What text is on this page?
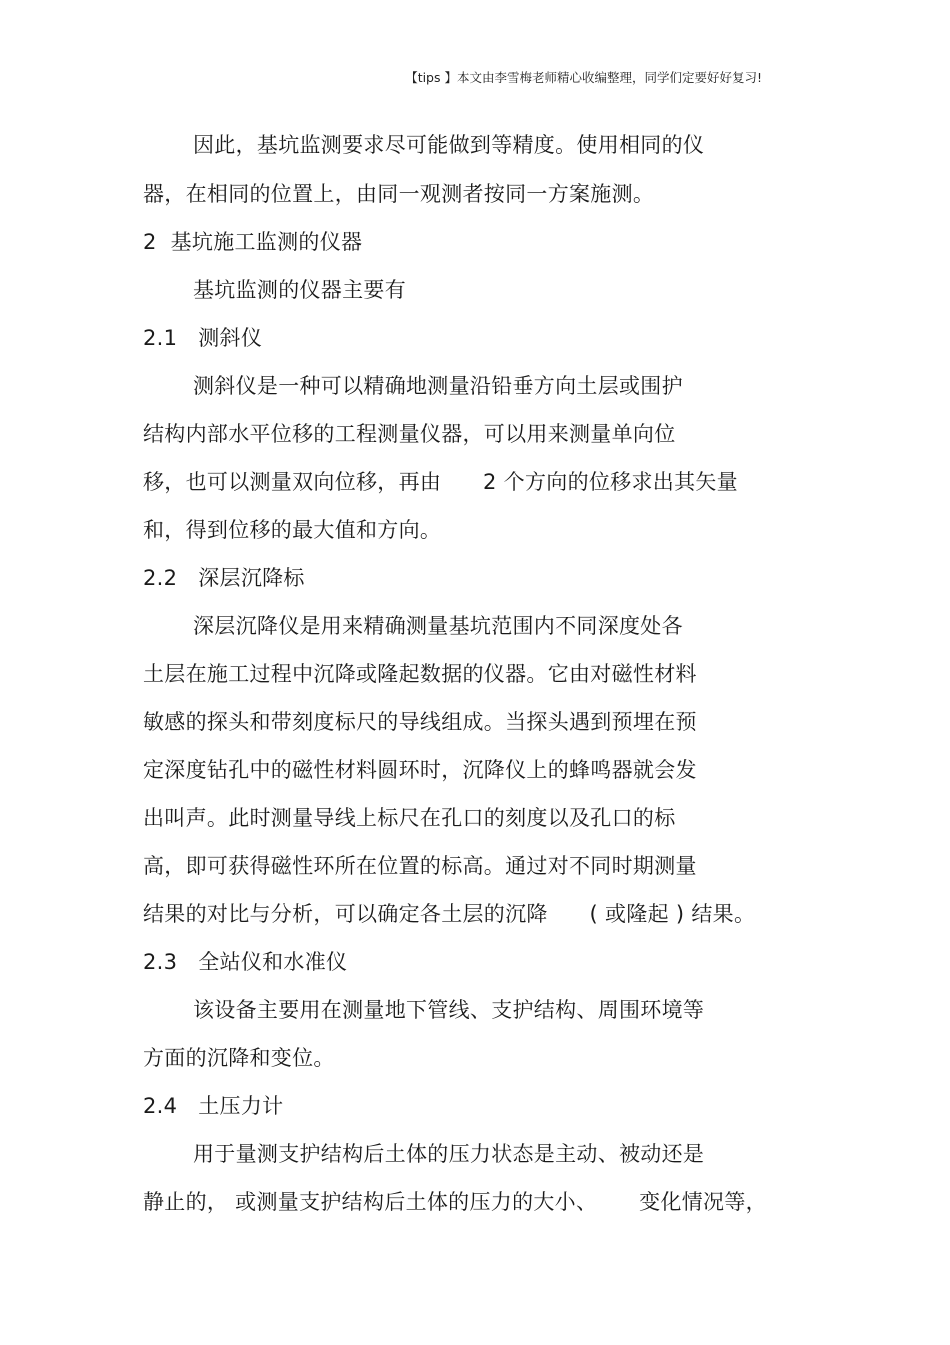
【tips 】本文由李雪梅老师精心收编整理，同学们定要好好复习!
因此，基坑监测要求尽可能做到等精度。使用相同的仪
器，在相同的位置上，由同一观测者按同一方案施测。
2  基坑施工监测的仪器
基坑监测的仪器主要有
2.1   测斜仪
测斜仪是一种可以精确地测量沿铅垂方向土层或围护
结构内部水平位移的工程测量仪器，可以用来测量单向位
移，也可以测量双向位移，再由      2 个方向的位移求出其矢量
和，得到位移的最大值和方向。
2.2   深层沉降标
深层沉降仪是用来精确测量基坑范围内不同深度处各
土层在施工过程中沉降或隆起数据的仪器。它由对磁性材料
敏感的探头和带刻度标尺的导线组成。当探头遇到预埋在预
定深度钻孔中的磁性材料圆环时，沉降仪上的蜂鸣器就会发
出叫声。此时测量导线上标尺在孔口的刻度以及孔口的标
高，即可获得磁性环所在位置的标高。通过对不同时期测量
结果的对比与分析，可以确定各土层的沉降      ( 或隆起 ) 结果。
2.3   全站仪和水准仪
该设备主要用在测量地下管线、支护结构、周围环境等
方面的沉降和变位。
2.4   土压力计
用于量测支护结构后土体的压力状态是主动、被动还是
静止的， 或测量支护结构后土体的压力的大小、      变化情况等，
